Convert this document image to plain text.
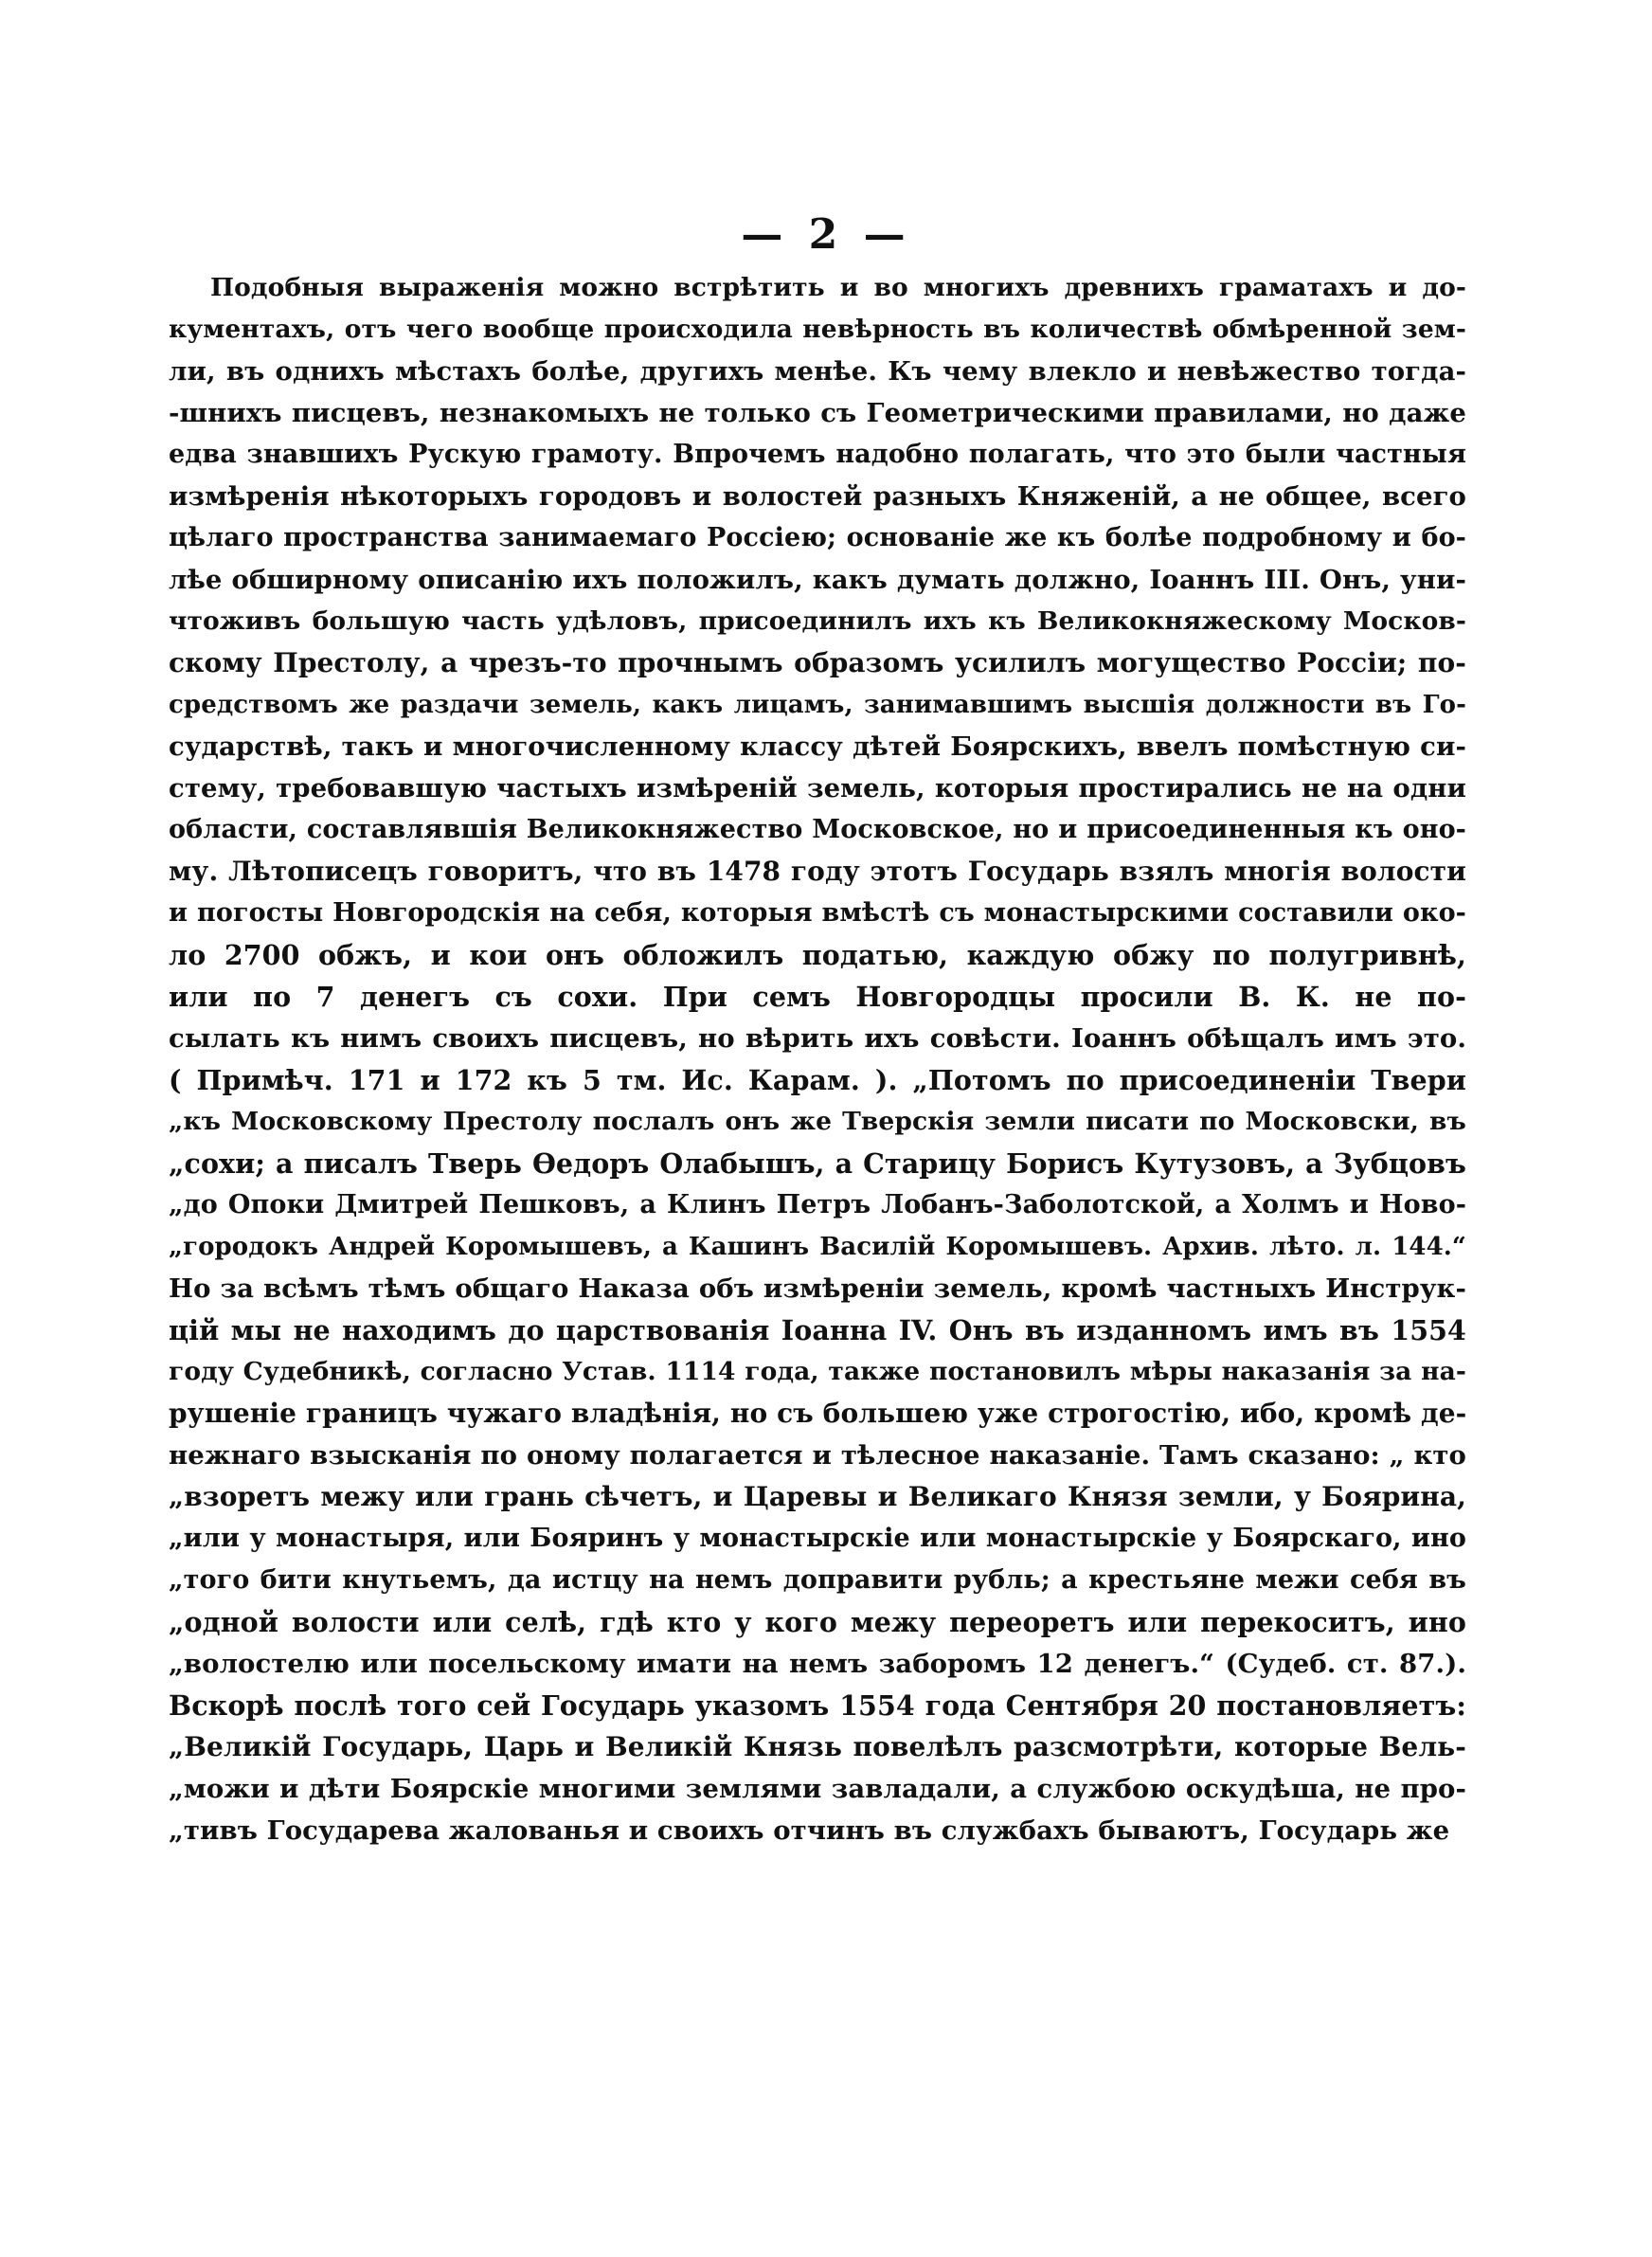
— 2 —
Подобныя выраженія можно встрѣтить и во многихъ древнихъ граматахъ и до-
кументахъ, отъ чего вообще происходила невѣрность въ количествѣ обмѣренной зем-
ли, въ однихъ мѣстахъ болѣе, другихъ менѣе. Къ чему влекло и невѣжество тогда-
-шнихъ писцевъ, незнакомыхъ не только съ Геометрическими правилами, но даже
едва знавшихъ Рускую грамоту. Впрочемъ надобно полагать, что это были частныя
измѣренія нѣкоторыхъ городовъ и волостей разныхъ Княженій, а не общее, всего
цѣлаго пространства занимаемаго Россіею; основаніе же къ болѣе подробному и бо-
лѣе обширному описанію ихъ положилъ, какъ думать должно, Іоаннъ III. Онъ, уни-
чтоживъ большую часть удѣловъ, присоединилъ ихъ къ Великокняжескому Москов-
скому Престолу, а чрезъ-то прочнымъ образомъ усилилъ могущество Россіи; по-
средствомъ же раздачи земель, какъ лицамъ, занимавшимъ высшія должности въ Го-
сударствѣ, такъ и многочисленному классу дѣтей Боярскихъ, ввелъ помѣстную си-
стему, требовавшую частыхъ измѣреній земель, которыя простирались не на одни
области, составлявшія Великокняжество Московское, но и присоединенныя къ оно-
му. Лѣтописецъ говоритъ, что въ 1478 году этотъ Государь взялъ многія волости
и погосты Новгородскія на себя, которыя вмѣстѣ съ монастырскими составили око-
ло 2700 обжъ, и кои онъ обложилъ податью, каждую обжу по полугривнѣ,
или по 7 денегъ съ сохи. При семъ Новгородцы просили В. К. не по-
сылать къ нимъ своихъ писцевъ, но вѣрить ихъ совѣсти. Іоаннъ обѣщалъ имъ это.
( Примѣч. 171 и 172 къ 5 тм. Ис. Карам. ). „Потомъ по присоединеніи Твери
„къ Московскому Престолу послалъ онъ же Тверскія земли писати по Московски, въ
„сохи; а писалъ Тверь Өедоръ Олабышъ, а Старицу Борисъ Кутузовъ, а Зубцовъ
„до Опоки Дмитрей Пешковъ, а Клинъ Петръ Лобанъ-Заболотской, а Холмъ и Ново-
„городокъ Андрей Коромышевъ, а Кашинъ Василій Коромышевъ. Архив. лѣто. л. 144.“
Но за всѣмъ тѣмъ общаго Наказа объ измѣреніи земель, кромѣ частныхъ Инструк-
цій мы не находимъ до царствованія Іоанна IV. Онъ въ изданномъ имъ въ 1554
году Судебникѣ, согласно Устав. 1114 года, также постановилъ мѣры наказанія за на-
рушеніе границъ чужаго владѣнія, но съ большею уже строгостію, ибо, кромѣ де-
нежнаго взысканія по оному полагается и тѣлесное наказаніе. Тамъ сказано: „ кто
„взоретъ межу или грань сѣчетъ, и Царевы и Великаго Князя земли, у Боярина,
„или у монастыря, или Бояринъ у монастырскіе или монастырскіе у Боярскаго, ино
„того бити кнутьемъ, да истцу на немъ доправити рубль; а крестьяне межи себя въ
„одной волости или селѣ, гдѣ кто у кого межу переоретъ или перекоситъ, ино
„волостелю или посельскому имати на немъ заборомъ 12 денегъ.“ (Судеб. ст. 87.).
Вскорѣ послѣ того сей Государь указомъ 1554 года Сентября 20 постановляетъ:
„Великій Государь, Царь и Великій Князь повелѣлъ разсмотрѣти, которые Вель-
„можи и дѣти Боярскіе многими землями завладали, а службою оскудѣша, не про-
„тивъ Государева жалованья и своихъ отчинъ въ службахъ бываютъ, Государь же
